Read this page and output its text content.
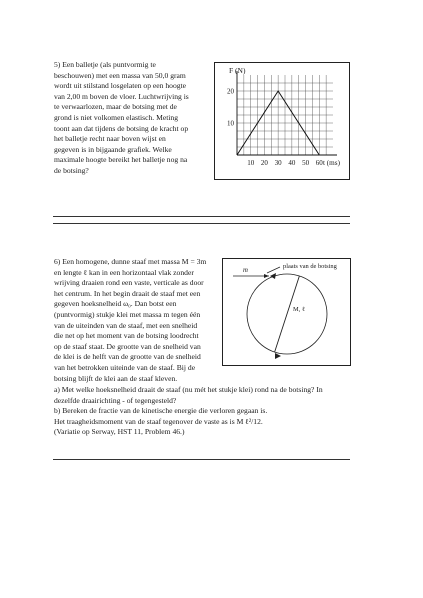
5) Een balletje (als puntvormig te
beschouwen) met een massa van 50,0 gram
wordt uit stilstand losgelaten op een hoogte
van 2,00 m boven de vloer. Luchtwrijving is
te verwaarlozen, maar de botsing met de
grond is niet volkomen elastisch. Meting
toont aan dat tijdens de botsing de kracht op
het balletje recht naar boven wijst en
gegeven is in bijgaande grafiek. Welke
maximale hoogte bereikt het balletje nog na
de botsing?
10 20 30 40 50 60
10
20
F (N)
t (ms)
6) Een homogene, dunne staaf met massa M = 3m
en lengte ℓ kan in een horizontaal vlak zonder
wrijving draaien rond een vaste, verticale as door
het centrum. In het begin draait de staaf met een
gegeven hoeksnelheid ω₀. Dan botst een
(puntvormig) stukje klei met massa m tegen één
van de uiteinden van de staaf, met een snelheid
die net op het moment van de botsing loodrecht
op de staaf staat. De grootte van de snelheid van
de klei is de helft van de grootte van de snelheid
van het betrokken uiteinde van de staaf. Bij de
botsing blijft de klei aan de staaf kleven.
plaats van de botsing
m
M, ℓ
a) Met welke hoeksnelheid draait de staaf (nu mét het stukje klei) rond na de botsing? In
dezelfde draairichting - of tegengesteld?
b) Bereken de fractie van de kinetische energie die verloren gegaan is.
Het traagheidsmoment van de staaf tegenover de vaste as is M ℓ²/12.
(Variatie op Serway, HST 11, Problem 46.)
